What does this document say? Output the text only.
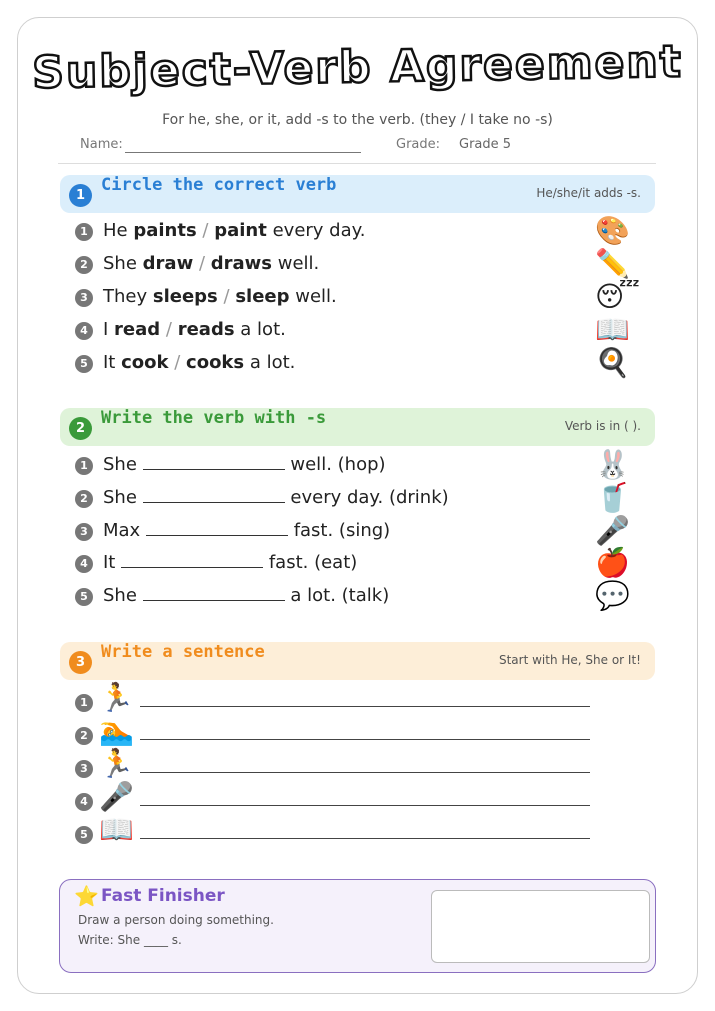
Subject-Verb Agreement
For he, she, or it, add -s to the verb. (they / I take no -s)
Name:	Grade: Grade 5
1
Circle the correct verb	He/she/it adds -s.
1 He paints / paint every day.	🎨
2 She draw / draws well.	✏️
3 They sleeps / sleep well.	😴
4 I read / reads a lot.	📖
5 It cook / cooks a lot.	🍳
2
Write the verb with -s	Verb is in ( ).
1 She	well. (hop)	🐰
2 She	every day. (drink)	🥤
3 Max	fast. (sing)	🎤
4 It	fast. (eat)	🍎
5 She	a lot. (talk)	💬
3
Write a sentence	Start with He, She or It!
1 🏃
2 🏊
3 🏃
4 🎤
5 📖
⭐ Fast Finisher
Draw a person doing something.
Write: She ____ s.
